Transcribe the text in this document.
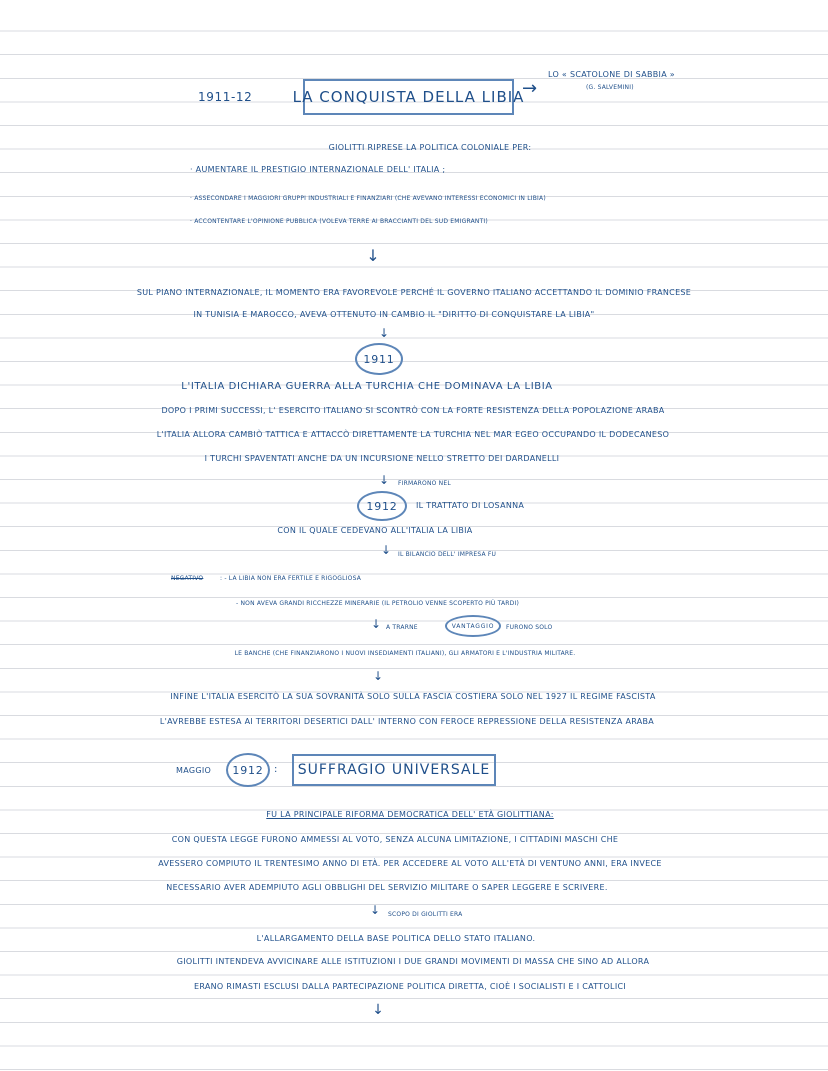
1911-12	LA CONQUISTA DELLA LIBIA
→
LO « SCATOLONE DI SABBIA »
(G. SALVEMINI)
GIOLITTI RIPRESE LA POLITICA COLONIALE PER:
· AUMENTARE IL PRESTIGIO INTERNAZIONALE DELL' ITALIA ;
· ASSECONDARE I MAGGIORI GRUPPI INDUSTRIALI E FINANZIARI (CHE AVEVANO INTERESSI ECONOMICI IN LIBIA)
· ACCONTENTARE L'OPINIONE PUBBLICA (VOLEVA TERRE AI BRACCIANTI DEL SUD EMIGRANTI)
↓
SUL PIANO INTERNAZIONALE, IL MOMENTO ERA FAVOREVOLE PERCHÉ IL GOVERNO ITALIANO ACCETTANDO IL DOMINIO FRANCESE
IN TUNISIA E MAROCCO, AVEVA OTTENUTO IN CAMBIO IL "DIRITTO DI CONQUISTARE LA LIBIA"
↓
1911
L'ITALIA DICHIARA GUERRA ALLA TURCHIA CHE DOMINAVA LA LIBIA
DOPO I PRIMI SUCCESSI, L' ESERCITO ITALIANO SI SCONTRÒ CON LA FORTE RESISTENZA DELLA POPOLAZIONE ARABA
L'ITALIA ALLORA CAMBIÒ TATTICA E ATTACCÒ DIRETTAMENTE LA TURCHIA NEL MAR EGEO OCCUPANDO IL DODECANESO
I TURCHI SPAVENTATI ANCHE DA UN INCURSIONE NELLO STRETTO DEI DARDANELLI
↓ FIRMARONO NEL
1912 IL TRATTATO DI LOSANNA
CON IL QUALE CEDEVANO ALL'ITALIA LA LIBIA
↓ IL BILANCIO DELL' IMPRESA FU
NEGATIVO	: - LA LIBIA NON ERA FERTILE E RIGOGLIOSA
- NON AVEVA GRANDI RICCHEZZE MINERARIE (IL PETROLIO VENNE SCOPERTO PIÙ TARDI)
↓ A TRARNE	VANTAGGIO FURONO SOLO
LE BANCHE (CHE FINANZIARONO I NUOVI INSEDIAMENTI ITALIANI), GLI ARMATORI E L'INDUSTRIA MILITARE.
↓
INFINE L'ITALIA ESERCITÒ LA SUA SOVRANITÀ SOLO SULLA FASCIA COSTIERA SOLO NEL 1927 IL REGIME FASCISTA
L'AVREBBE ESTESA AI TERRITORI DESERTICI DALL' INTERNO CON FEROCE REPRESSIONE DELLA RESISTENZA ARABA
MAGGIO 1912 : SUFFRAGIO UNIVERSALE
FU LA PRINCIPALE RIFORMA DEMOCRATICA DELL' ETÀ GIOLITTIANA:
CON QUESTA LEGGE FURONO AMMESSI AL VOTO, SENZA ALCUNA LIMITAZIONE, I CITTADINI MASCHI CHE
AVESSERO COMPIUTO IL TRENTESIMO ANNO DI ETÀ. PER ACCEDERE AL VOTO ALL'ETÀ DI VENTUNO ANNI, ERA INVECE
NECESSARIO AVER ADEMPIUTO AGLI OBBLIGHI DEL SERVIZIO MILITARE O SAPER LEGGERE E SCRIVERE.
↓ SCOPO DI GIOLITTI ERA
L'ALLARGAMENTO DELLA BASE POLITICA DELLO STATO ITALIANO.
GIOLITTI INTENDEVA AVVICINARE ALLE ISTITUZIONI I DUE GRANDI MOVIMENTI DI MASSA CHE SINO AD ALLORA
ERANO RIMASTI ESCLUSI DALLA PARTECIPAZIONE POLITICA DIRETTA, CIOÈ I SOCIALISTI E I CATTOLICI
↓
